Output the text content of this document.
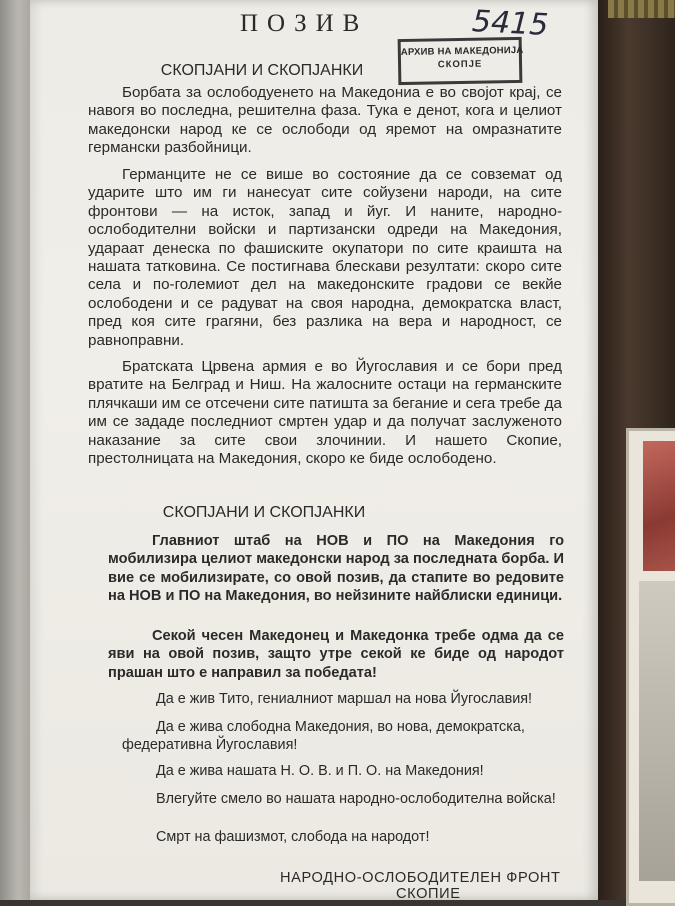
ПОЗИВ	5415
АРХИВ НА МАКЕДОНИЈА
СКОПЈЕ
СКОПЈАНИ И СКОПЈАНКИ

Борбата за ослободуенето на Македониа е во својот крај, се навогя во последна, решителна фаза. Тука е денот, кога и целиот македонски народ ке се ослободи од яремот на омразнатите германски разбойници.

Германците не се више во состояние да се совземат од ударите што им ги нанесуат сите сойузени народи, на сите фронтови — на исток, запад и йуг. И наните, народно-ослободителни войски и партизански одреди на Македония, удараат денеска по фашиските окупатори по сите краишта на нашата татковина. Се постигнава блескави резултати: скоро сите села и по-големиот дел на македонските градови се векйе ослободени и се радуват на своя народна, демократска власт, пред коя сите грагяни, без разлика на вера и народност, се равноправни.

Братската Црвена армия е во Йугославия и се бори пред вратите на Белград и Ниш. На жалосните остаци на германските плячкаши им се отсечени сите патишта за бегание и сега требе да им се зададе последниот смртен удар и да получат заслуженото наказание за сите свои злочинии. И нашето Скопие, престолницата на Македония, скоро ке биде ослободено.

СКОПЈАНИ И СКОПЈАНКИ

Главниот штаб на НОВ и ПО на Македония го мобилизира целиот македонски народ за последната борба. И вие се мобилизирате, со овой позив, да стапите во редовите на НОВ и ПО на Македония, во нейзините найблиски единици.

Секой чесен Македонец и Македонка требе одма да се яви на овой позив, защто утре секой ке биде од народот прашан што е направил за победата!

Да е жив Тито, гениалниот маршал на нова Йугославия!

Да е жива слободна Македония, во нова, демократска, федеративна Йугославия!

Да е жива нашата Н. О. В. и П. О. на Македония!

Влегуйте смело во нашата народно-ослободителна войска!

Смрт на фашизмот, слобода на народот!

НАРОДНО-ОСЛОБОДИТЕЛЕН ФРОНТ

СКОПИЕ
